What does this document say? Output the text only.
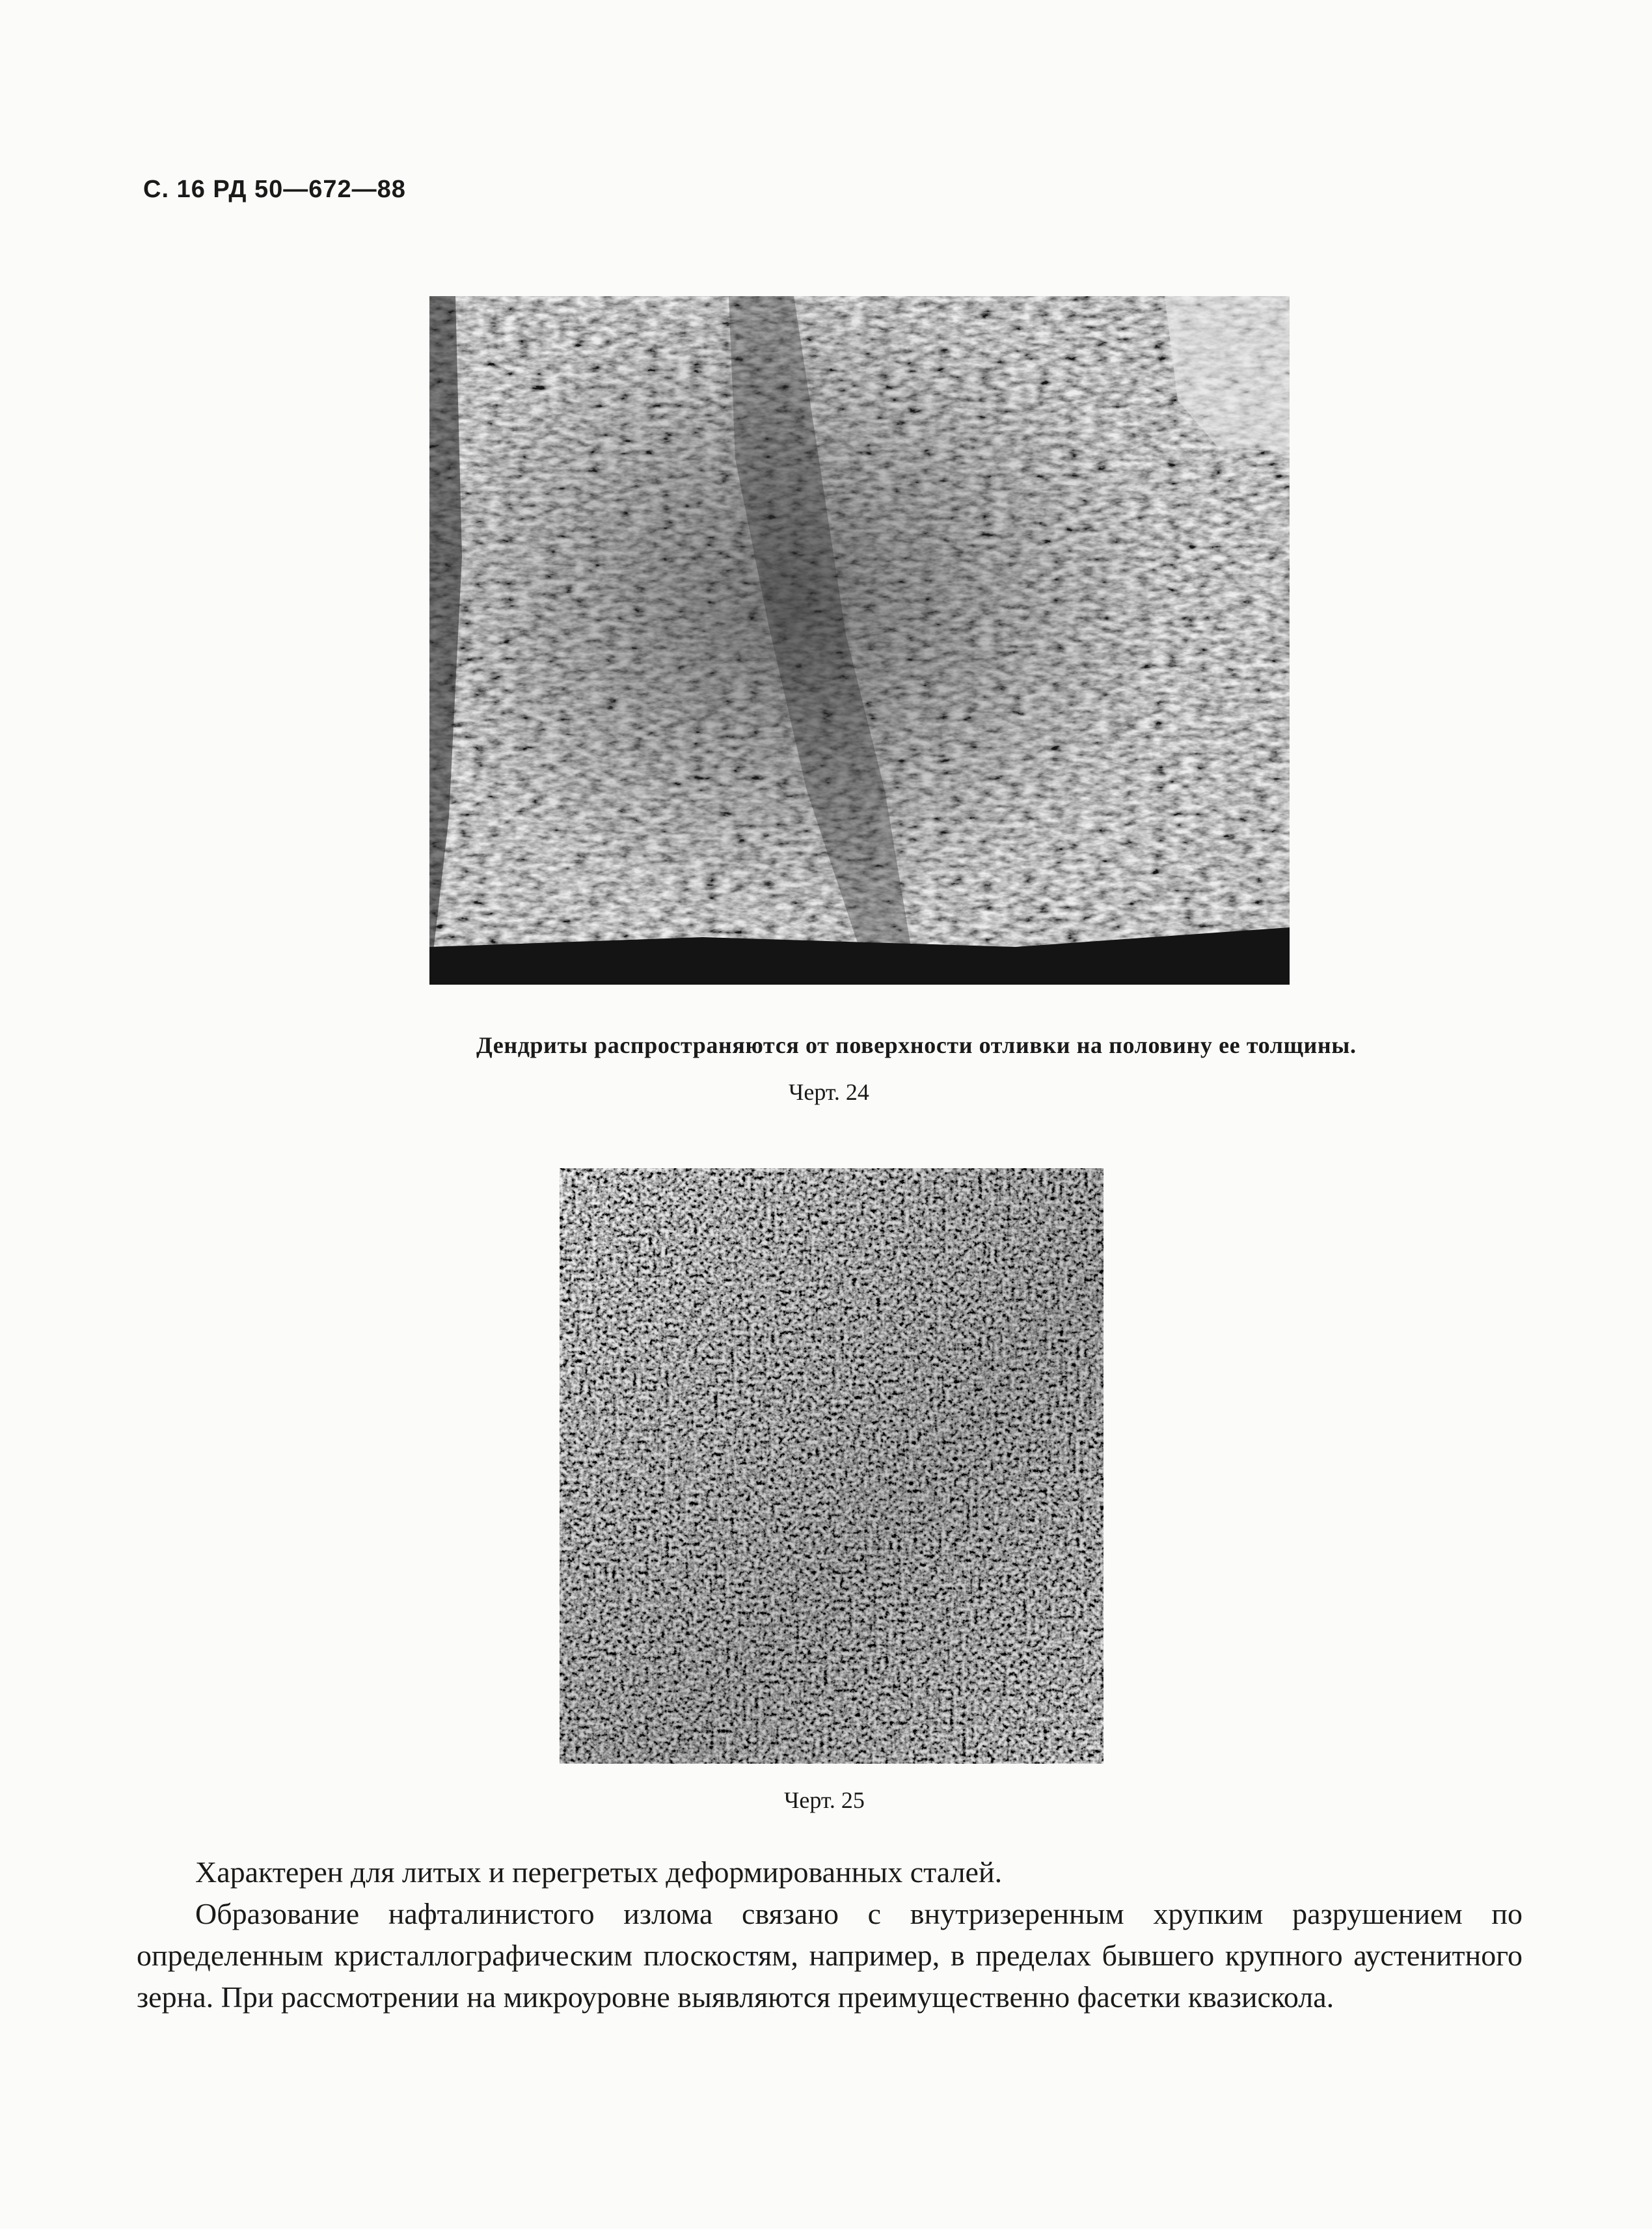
С. 16 РД 50—672—88
Дендриты распространяются от поверхности отливки на половину ее толщины.
Черт. 24
Черт. 25

Характерен для литых и перегретых деформированных сталей.

Образование нафталинистого излома связано с внутризеренным хрупким разрушением по определенным кристаллографическим плоскостям, например, в пределах бывшего крупного аустенитного зерна. При рассмотрении на микроуровне выявляются преимущественно фасетки квазискола.
